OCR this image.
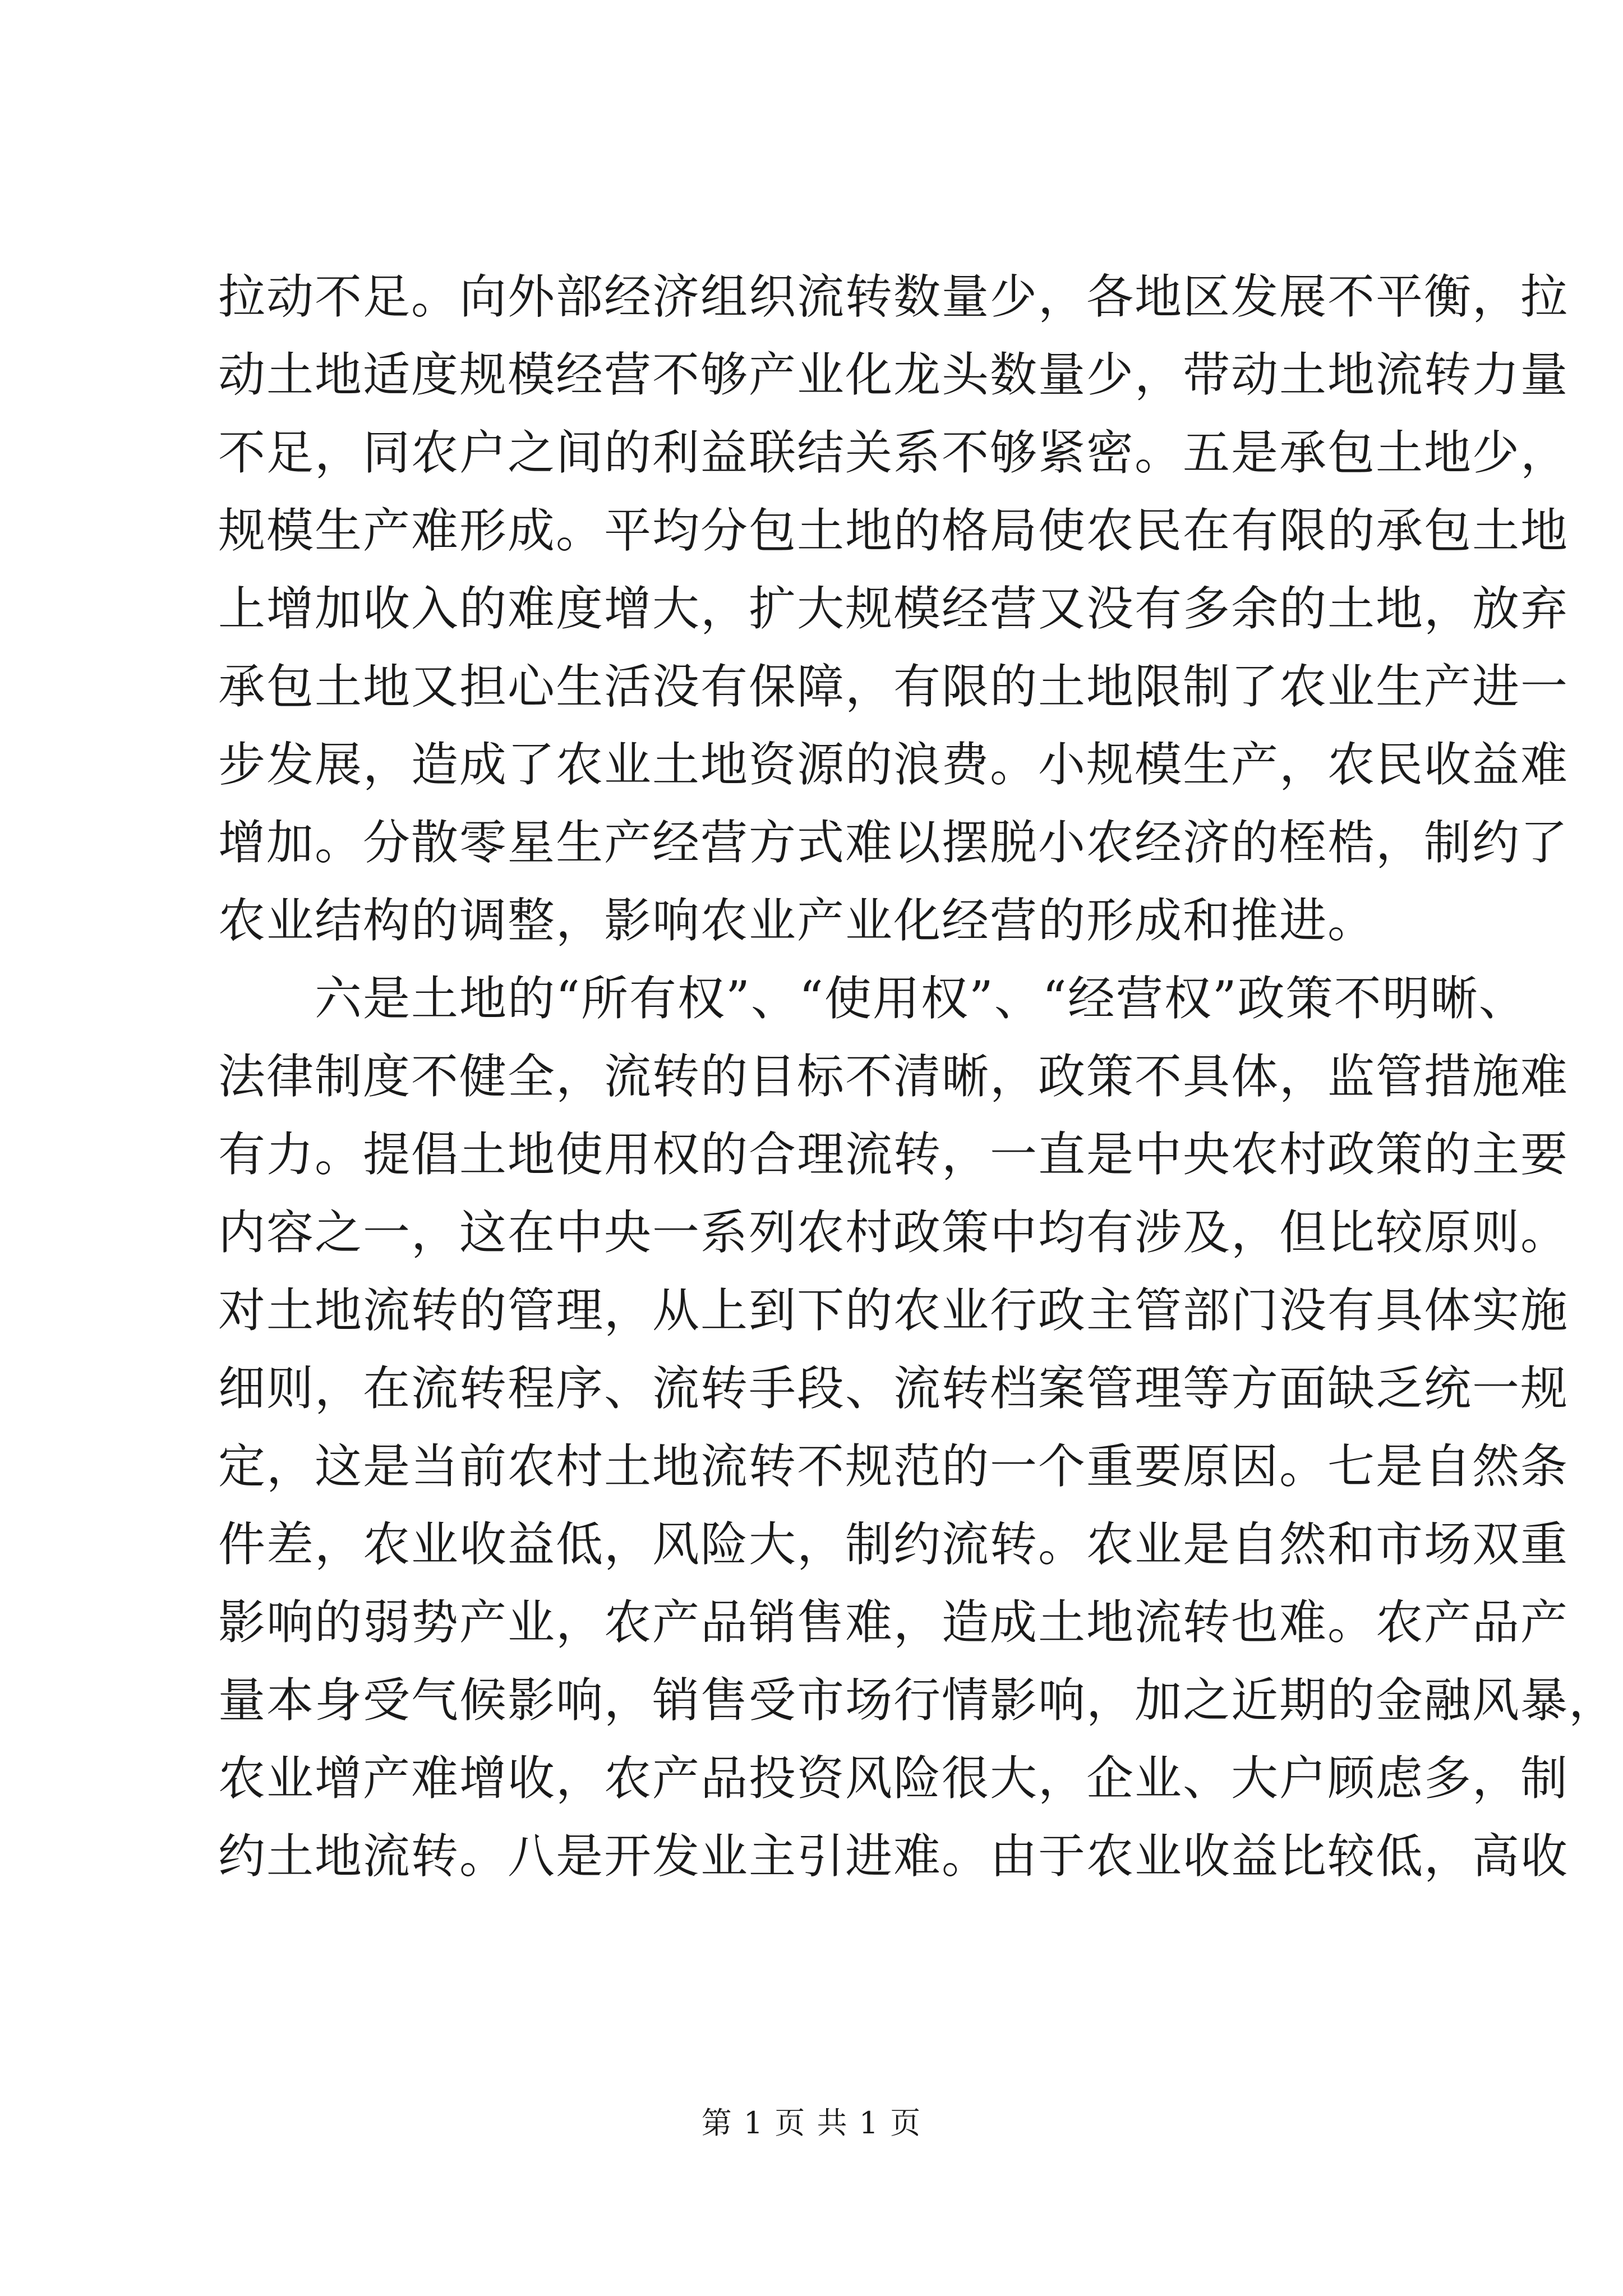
拉动不足。向外部经济组织流转数量少，各地区发展不平衡，拉
动土地适度规模经营不够产业化龙头数量少，带动土地流转力量
不足，同农户之间的利益联结关系不够紧密。五是承包土地少，
规模生产难形成。平均分包土地的格局使农民在有限的承包土地
上增加收入的难度增大，扩大规模经营又没有多余的土地，放弃
承包土地又担心生活没有保障，有限的土地限制了农业生产进一
步发展，造成了农业土地资源的浪费。小规模生产，农民收益难
增加。分散零星生产经营方式难以摆脱小农经济的桎梏，制约了
农业结构的调整，影响农业产业化经营的形成和推进。
六是土地的“所有权”、“使用权”、“经营权”政策不明晰、
法律制度不健全，流转的目标不清晰，政策不具体，监管措施难
有力。提倡土地使用权的合理流转，一直是中央农村政策的主要
内容之一，这在中央一系列农村政策中均有涉及，但比较原则。
对土地流转的管理，从上到下的农业行政主管部门没有具体实施
细则，在流转程序、流转手段、流转档案管理等方面缺乏统一规
定，这是当前农村土地流转不规范的一个重要原因。七是自然条
件差，农业收益低，风险大，制约流转。农业是自然和市场双重
影响的弱势产业，农产品销售难，造成土地流转也难。农产品产
量本身受气候影响，销售受市场行情影响，加之近期的金融风暴，
农业增产难增收，农产品投资风险很大，企业、大户顾虑多，制
约土地流转。八是开发业主引进难。由于农业收益比较低，高收
第 1 页 共 1 页
